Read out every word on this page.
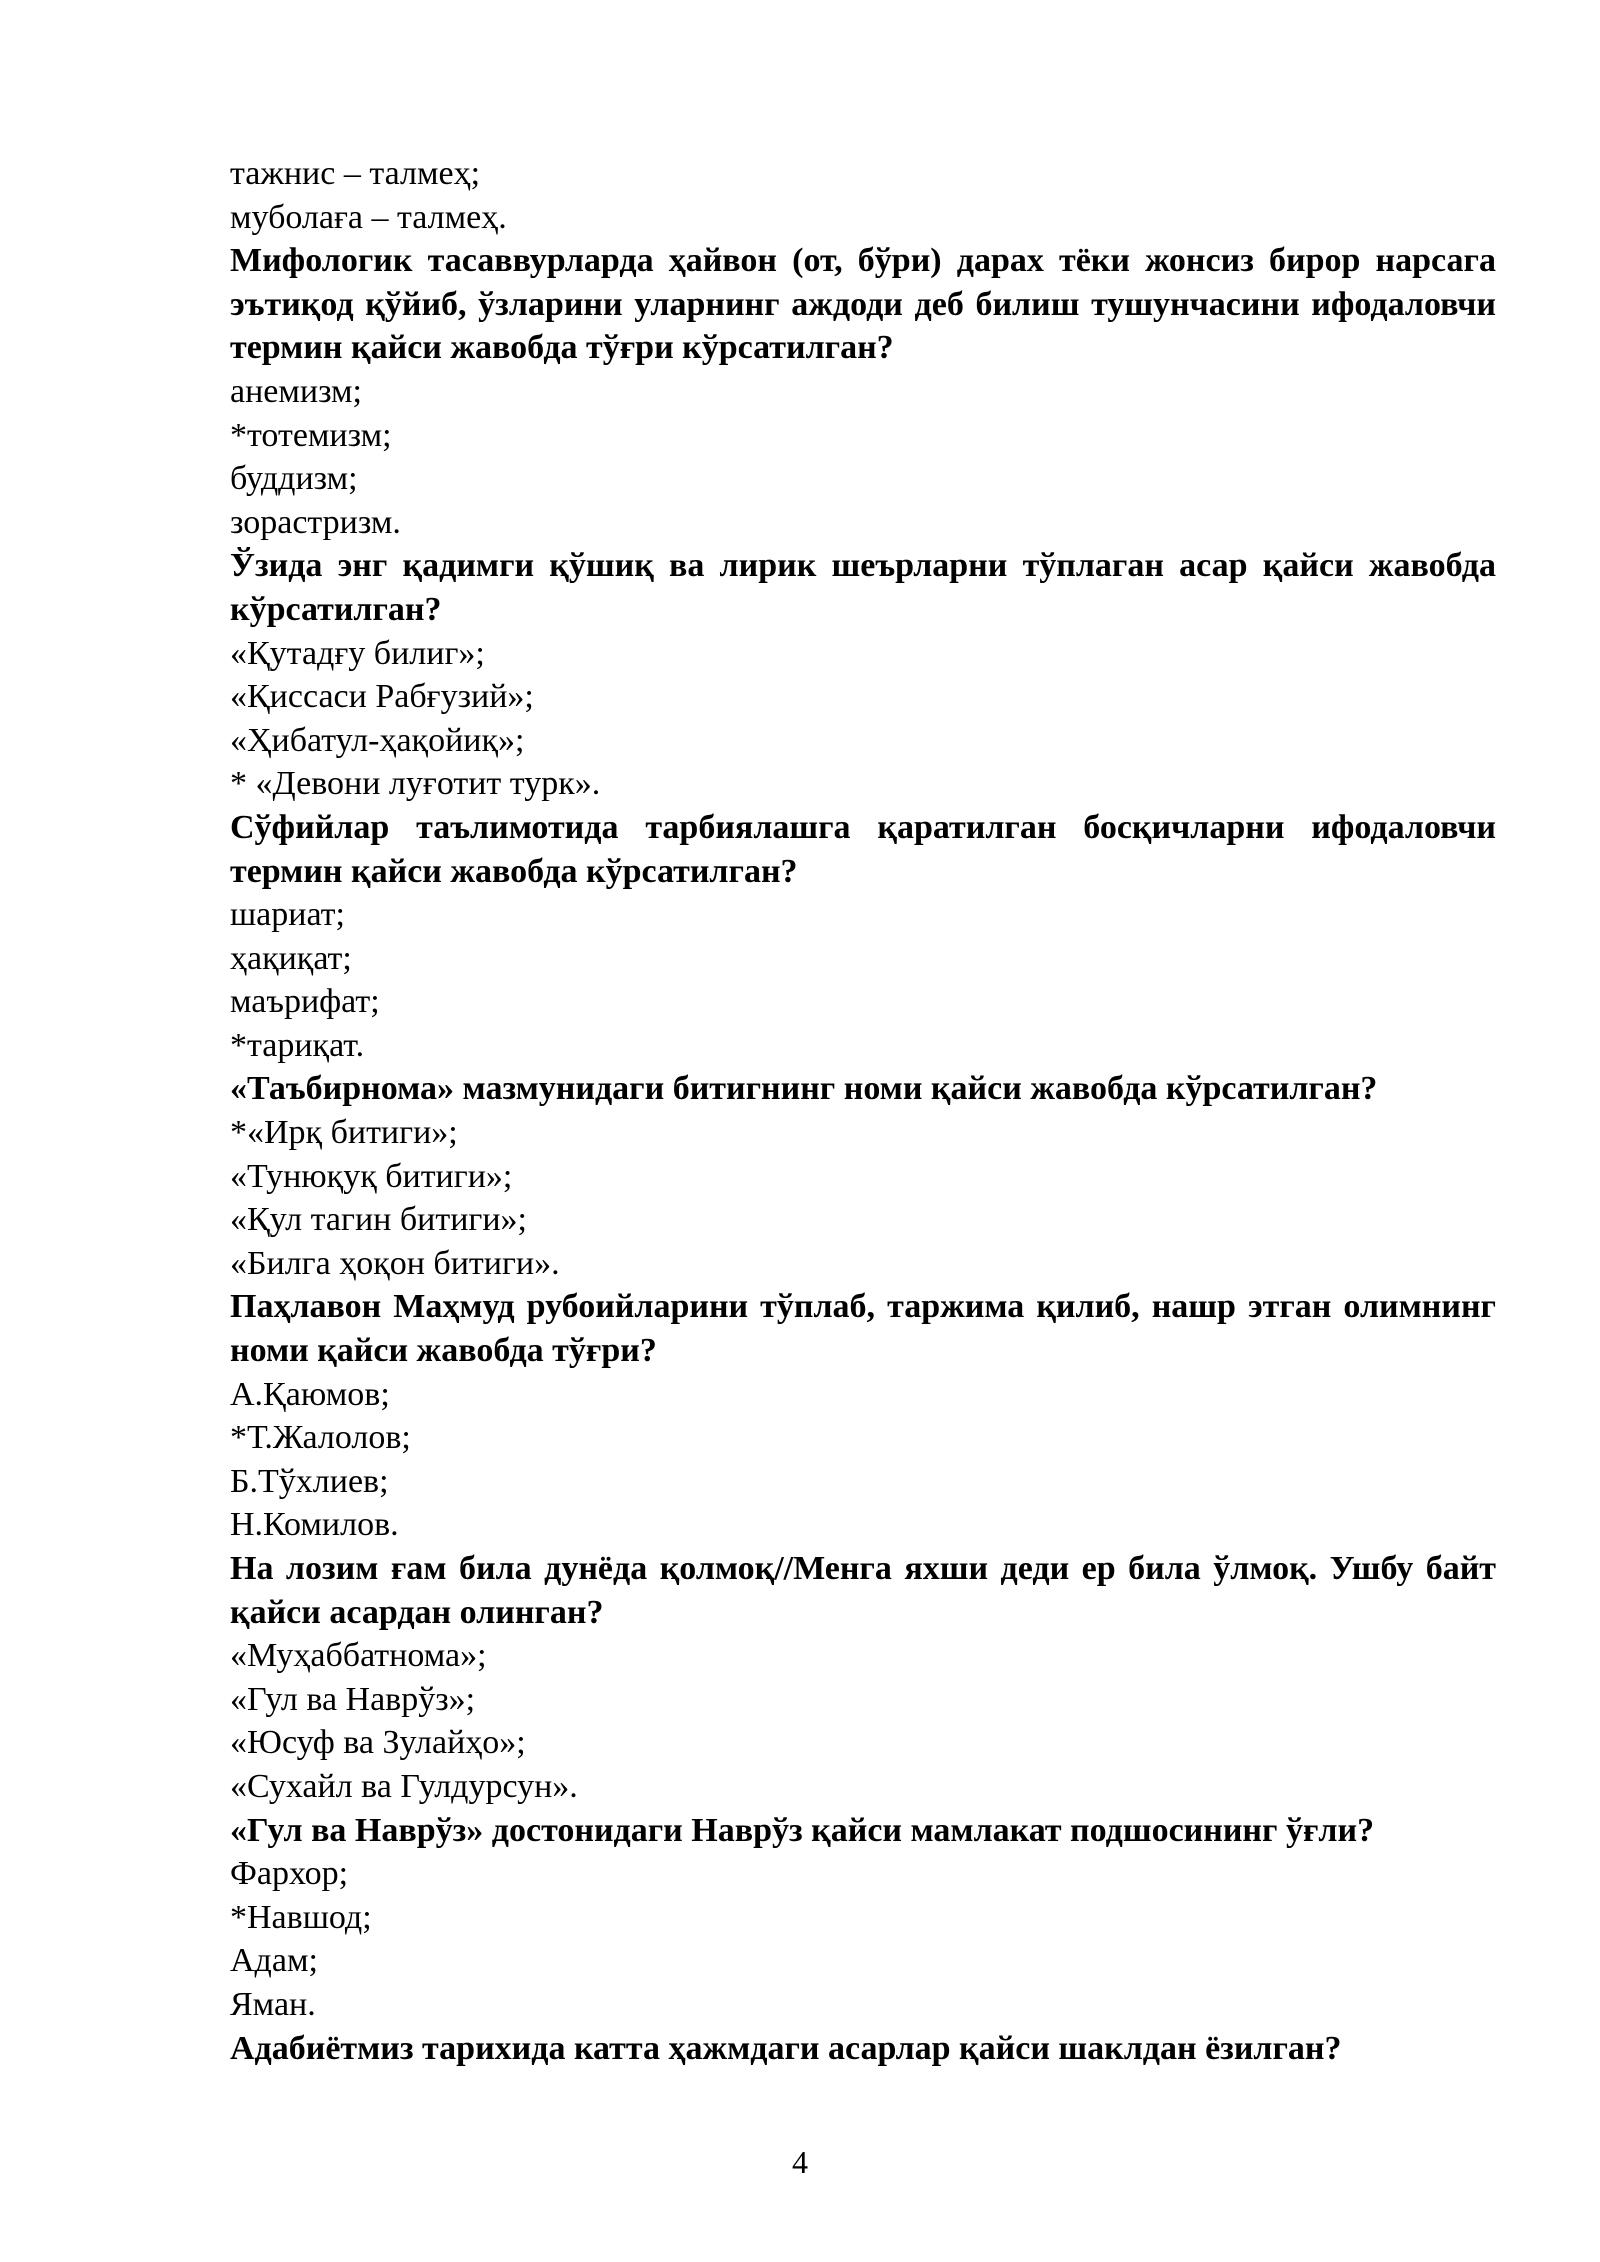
тажнис – талмеҳ;

муболаға – талмеҳ.

Мифологик тасаввурларда ҳайвон (от, бўри) дарах тёки жонсиз бирор нарсага эътиқод қўйиб, ўзларини уларнинг аждоди деб билиш тушунчасини ифодаловчи термин қайси жавобда тўғри кўрсатилган?

анемизм;

*тотемизм;

буддизм;

зорастризм.

Ўзида энг қадимги қўшиқ ва лирик шеърларни тўплаган асар қайси жавобда кўрсатилган?

«Қутадғу билиг»;

«Қиссаси Рабғузий»;

«Ҳибатул-ҳақойиқ»;

* «Девони луғотит турк».

Сўфийлар таълимотида тарбиялашга қаратилган босқичларни ифодаловчи термин қайси жавобда кўрсатилган?

шариат;

ҳақиқат;

маърифат;

*тариқат.

«Таъбирнома» мазмунидаги битигнинг номи қайси жавобда кўрсатилган?

*«Ирқ битиги»;

«Тунюқуқ битиги»;

«Қул тагин битиги»;

«Билга ҳоқон битиги».

Паҳлавон Маҳмуд рубоийларини тўплаб, таржима қилиб, нашр этган олимнинг номи қайси жавобда тўғри?

А.Қаюмов;

*Т.Жалолов;

Б.Тўхлиев;

Н.Комилов.

На лозим ғам била дунёда қолмоқ//Менга яхши деди ер била ўлмоқ. Ушбу байт қайси асардан олинган?

«Муҳаббатнома»;

«Гул ва Наврўз»;

«Юсуф ва Зулайҳо»;

«Сухайл ва Гулдурсун».

«Гул ва Наврўз» достонидаги Наврўз қайси мамлакат подшосининг ўғли?

Фархор;

*Навшод;

Адам;

Яман.

Адабиётмиз тарихида катта ҳажмдаги асарлар қайси шаклдан ёзилган?

4
